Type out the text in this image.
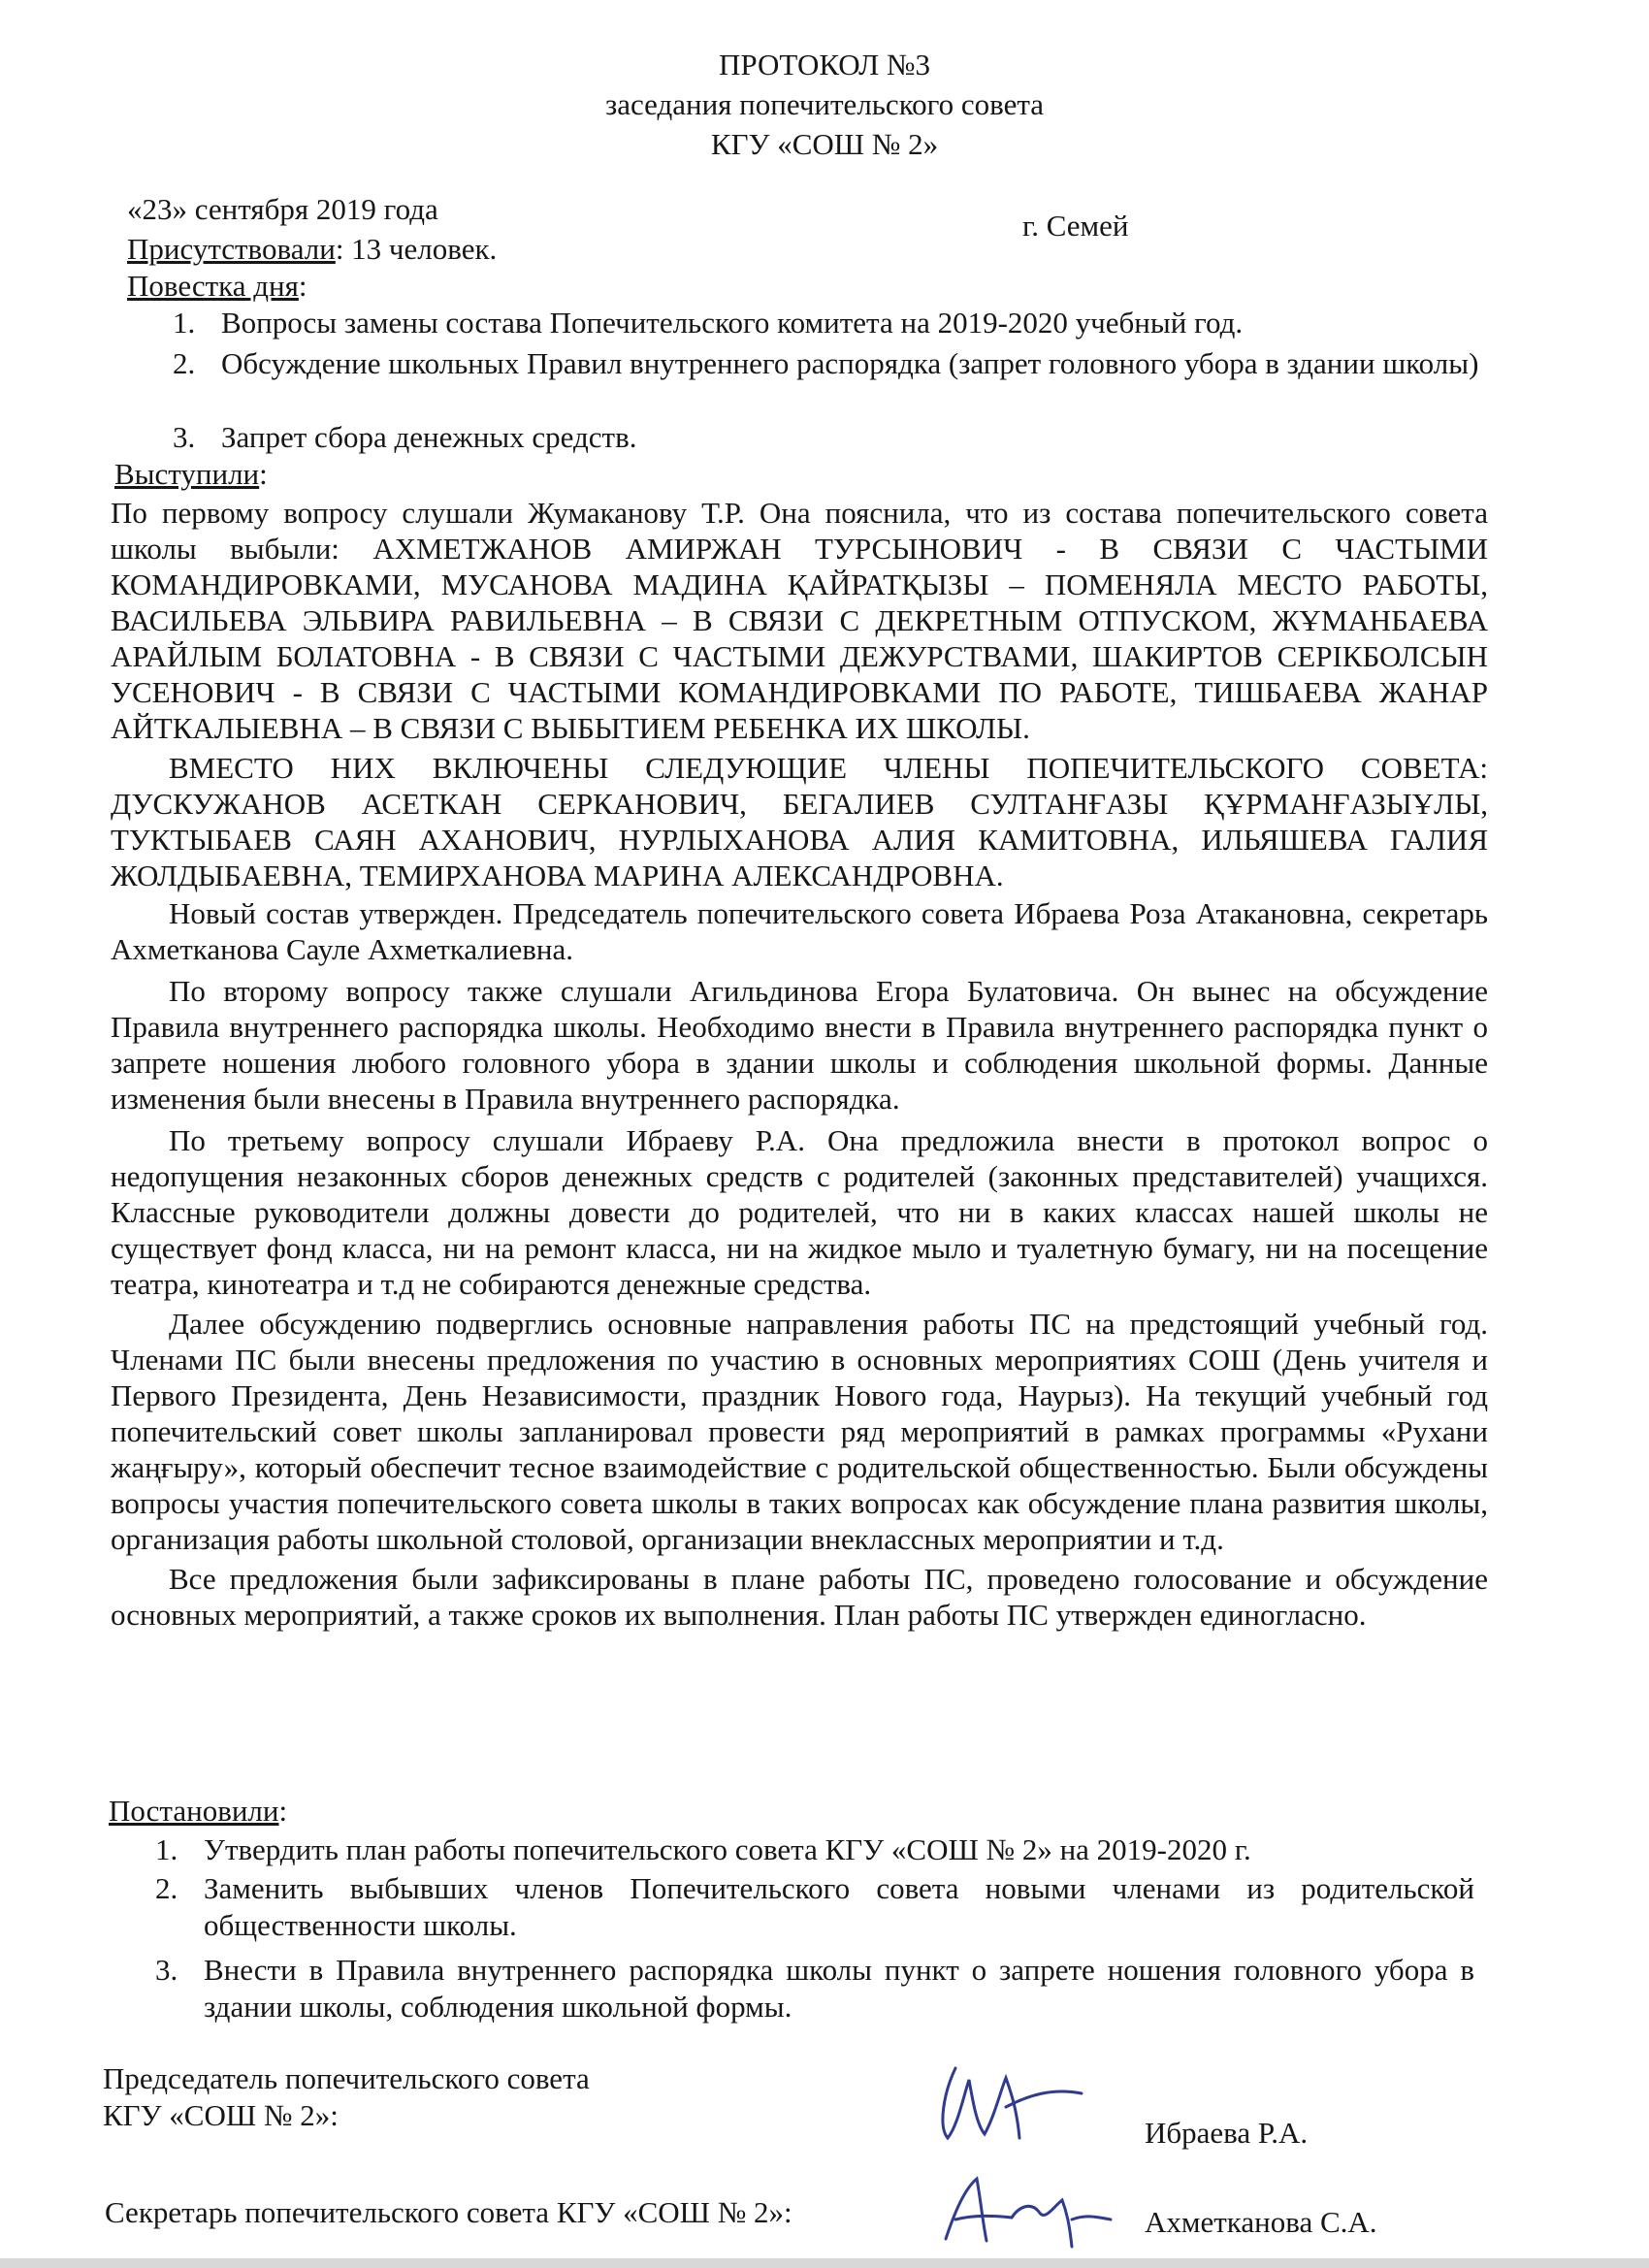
ПРОТОКОЛ №3
заседания попечительского совета
КГУ «СОШ № 2»
«23» сентября 2019 года	г. Семей
Присутствовали: 13 человек.
Повестка дня:
1. Вопросы замены состава Попечительского комитета на 2019-2020 учебный год.
2. Обсуждение школьных Правил внутреннего распорядка (запрет головного убора в здании школы)
3. Запрет сбора денежных средств.
Выступили:

По первому вопросу слушали Жумаканову Т.Р. Она пояснила, что из состава попечительского совета школы выбыли: АХМЕТЖАНОВ АМИРЖАН ТУРСЫНОВИЧ - В СВЯЗИ С ЧАСТЫМИ КОМАНДИРОВКАМИ, МУСАНОВА МАДИНА ҚАЙРАТҚЫЗЫ – ПОМЕНЯЛА МЕСТО РАБОТЫ, ВАСИЛЬЕВА ЭЛЬВИРА РАВИЛЬЕВНА – В СВЯЗИ С ДЕКРЕТНЫМ ОТПУСКОМ, ЖҰМАНБАЕВА АРАЙЛЫМ БОЛАТОВНА - В СВЯЗИ С ЧАСТЫМИ ДЕЖУРСТВАМИ, ШАКИРТОВ СЕРІКБОЛСЫН УСЕНОВИЧ - В СВЯЗИ С ЧАСТЫМИ КОМАНДИРОВКАМИ ПО РАБОТЕ, ТИШБАЕВА ЖАНАР АЙТКАЛЫЕВНА – В СВЯЗИ С ВЫБЫТИЕМ РЕБЕНКА ИХ ШКОЛЫ.

ВМЕСТО НИХ ВКЛЮЧЕНЫ СЛЕДУЮЩИЕ ЧЛЕНЫ ПОПЕЧИТЕЛЬСКОГО СОВЕТА: ДУСКУЖАНОВ АСЕТКАН СЕРКАНОВИЧ, БЕГАЛИЕВ СУЛТАНҒАЗЫ ҚҰРМАНҒАЗЫҰЛЫ, ТУКТЫБАЕВ САЯН АХАНОВИЧ, НУРЛЫХАНОВА АЛИЯ КАМИТОВНА, ИЛЬЯШЕВА ГАЛИЯ ЖОЛДЫБАЕВНА, ТЕМИРХАНОВА МАРИНА АЛЕКСАНДРОВНА.

Новый состав утвержден. Председатель попечительского совета Ибраева Роза Атакановна, секретарь Ахметканова Сауле Ахметкалиевна.

По второму вопросу также слушали Агильдинова Егора Булатовича. Он вынес на обсуждение Правила внутреннего распорядка школы. Необходимо внести в Правила внутреннего распорядка пункт о запрете ношения любого головного убора в здании школы и соблюдения школьной формы. Данные изменения были внесены в Правила внутреннего распорядка.

По третьему вопросу слушали Ибраеву Р.А. Она предложила внести в протокол вопрос о недопущения незаконных сборов денежных средств с родителей (законных представителей) учащихся. Классные руководители должны довести до родителей, что ни в каких классах нашей школы не существует фонд класса, ни на ремонт класса, ни на жидкое мыло и туалетную бумагу, ни на посещение театра, кинотеатра и т.д не собираются денежные средства.

Далее обсуждению подверглись основные направления работы ПС на предстоящий учебный год. Членами ПС были внесены предложения по участию в основных мероприятиях СОШ (День учителя и Первого Президента, День Независимости, праздник Нового года, Наурыз). На текущий учебный год попечительский совет школы запланировал провести ряд мероприятий в рамках программы «Рухани жаңғыру», который обеспечит тесное взаимодействие с родительской общественностью. Были обсуждены вопросы участия попечительского совета школы в таких вопросах как обсуждение плана развития школы, организация работы школьной столовой, организации внеклассных мероприятии и т.д.

Все предложения были зафиксированы в плане работы ПС, проведено голосование и обсуждение основных мероприятий, а также сроков их выполнения. План работы ПС утвержден единогласно.

Постановили:
1. Утвердить план работы попечительского совета КГУ «СОШ № 2» на 2019-2020 г.
2. Заменить выбывших членов Попечительского совета новыми членами из родительской общественности школы.
3. Внести в Правила внутреннего распорядка школы пункт о запрете ношения головного убора в здании школы, соблюдения школьной формы.
Председатель попечительского совета
КГУ «СОШ № 2»:
Ибраева Р.А.
Секретарь попечительского совета КГУ «СОШ № 2»:	Ахметканова С.А.
